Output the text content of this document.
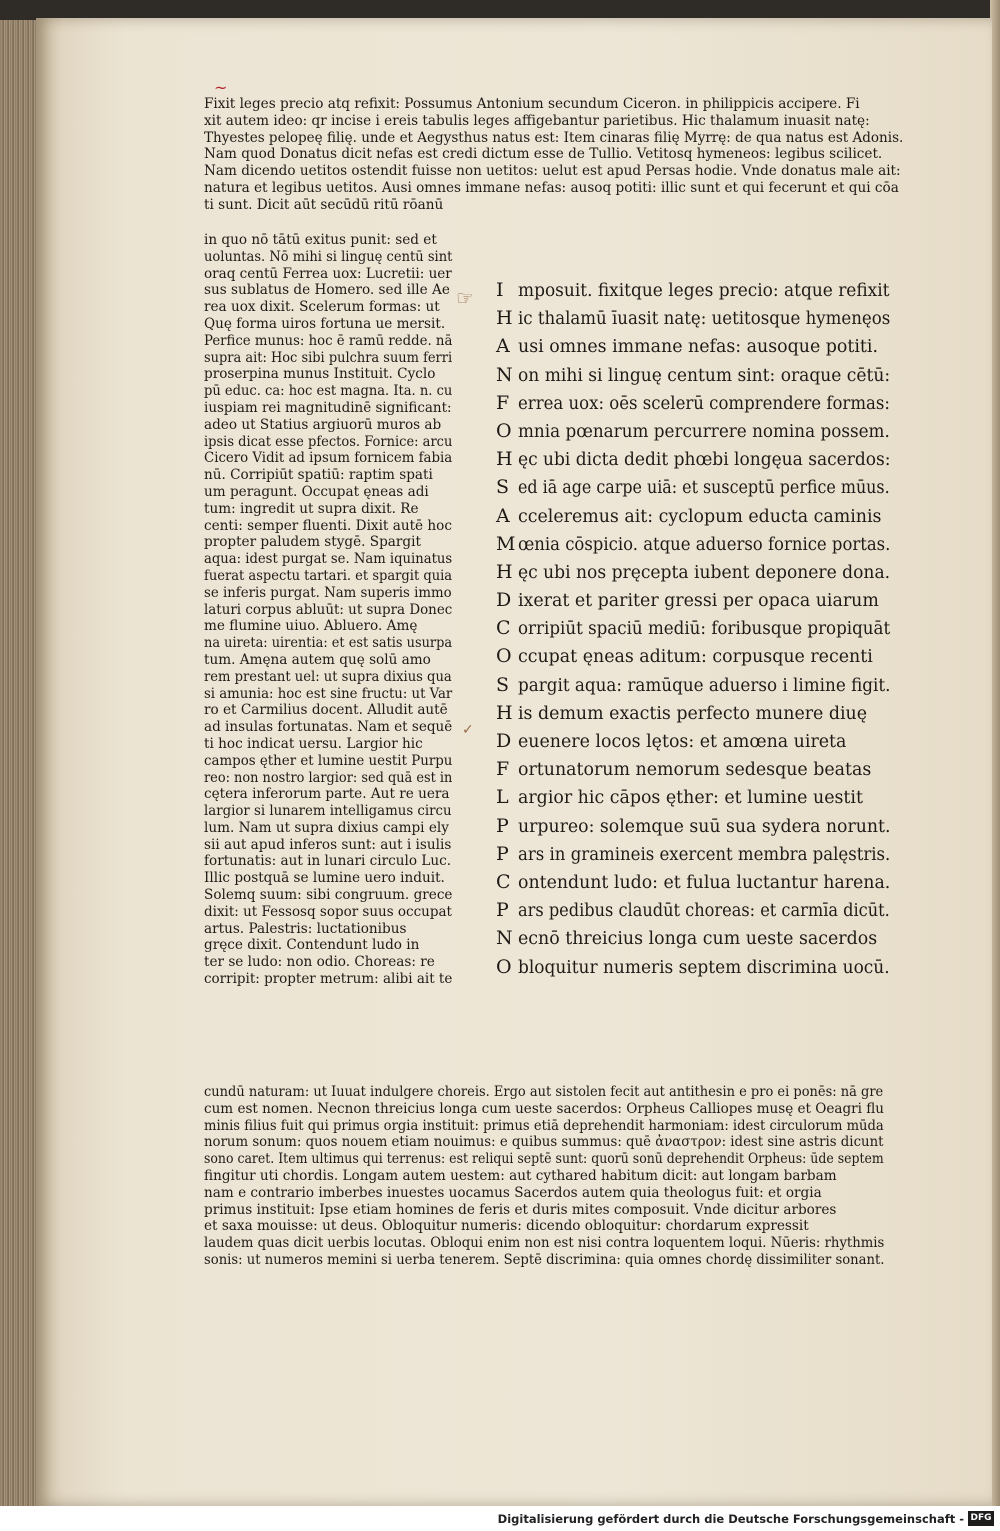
Fixit leges precio atq refixit: Possumus Antonium secundum Ciceron. in philippicis accipere. Fi

xit autem ideo: qr incise i ereis tabulis leges affigebantur parietibus. Hic thalamum inuasit natę:

Thyestes pelopeę filię. unde et Aegysthus natus est: Item cinaras filię Myrrę: de qua natus est Adonis.

Nam quod Donatus dicit nefas est credi dictum esse de Tullio. Vetitosq hymeneos: legibus scilicet.

Nam dicendo uetitos ostendit fuisse non uetitos: uelut est apud Persas hodie. Vnde donatus male ait:

natura et legibus uetitos. Ausi omnes immane nefas: ausoq potiti: illic sunt et qui fecerunt et qui cōa

ti sunt. Dicit aūt secūdū ritū rōanū

in quo nō tātū exitus punit: sed et

uoluntas. Nō mihi si linguę centū sint

oraq centū Ferrea uox: Lucretii: uer

sus sublatus de Homero. sed ille Ae

rea uox dixit. Scelerum formas: ut

Quę forma uiros fortuna ue mersit.

Perfice munus: hoc ē ramū redde. nā

supra ait: Hoc sibi pulchra suum ferri

proserpina munus Instituit. Cyclo

pū educ. ca: hoc est magna. Ita. n. cu

iuspiam rei magnitudinē significant:

adeo ut Statius argiuorū muros ab

ipsis dicat esse pfectos. Fornice: arcu

Cicero Vidit ad ipsum fornicem fabia

nū. Corripiūt spatiū: raptim spati

um peragunt. Occupat ęneas adi

tum: ingredit ut supra dixit. Re

centi: semper fluenti. Dixit autē hoc

propter paludem stygē. Spargit

aqua: idest purgat se. Nam iquinatus

fuerat aspectu tartari. et spargit quia

se inferis purgat. Nam superis immo

laturi corpus abluūt: ut supra Donec

me flumine uiuo. Abluero. Amę

na uireta: uirentia: et est satis usurpa

tum. Amęna autem quę solū amo

rem prestant uel: ut supra dixius qua

si amunia: hoc est sine fructu: ut Var

ro et Carmilius docent. Alludit autē

ad insulas fortunatas. Nam et sequē

ti hoc indicat uersu. Largior hic

campos ęther et lumine uestit Purpu

reo: non nostro largior: sed quā est in

cętera inferorum parte. Aut re uera

largior si lunarem intelligamus circu

lum. Nam ut supra dixius campi ely

sii aut apud inferos sunt: aut i isulis

fortunatis: aut in lunari circulo Luc.

Illic postquā se lumine uero induit.

Solemq suum: sibi congruum. grece

dixit: ut Fessosq sopor suus occupat

artus. Palestris: luctationibus

gręce dixit. Contendunt ludo in

ter se ludo: non odio. Choreas: re

corripit: propter metrum: alibi ait te

I mposuit. fixitque leges precio: atque refixit
H ic thalamū īuasit natę: uetitosque hymenęos
A usi omnes immane nefas: ausoque potiti.
N on mihi si linguę centum sint: oraque cētū:
F errea uox: oēs scelerū comprendere formas:
O mnia pœnarum percurrere nomina possem.
H ęc ubi dicta dedit phœbi longęua sacerdos:
S ed iā age carpe uiā: et susceptū perfice mūus.
A cceleremus ait: cyclopum educta caminis
M œnia cōspicio. atque aduerso fornice portas.
H ęc ubi nos pręcepta iubent deponere dona.
D ixerat et pariter gressi per opaca uiarum
C orripiūt spaciū mediū: foribusque propiquāt
O ccupat ęneas aditum: corpusque recenti
S pargit aqua: ramūque aduerso i limine figit.
H is demum exactis perfecto munere diuę
D euenere locos lętos: et amœna uireta
F ortunatorum nemorum sedesque beatas
L argior hic cāpos ęther: et lumine uestit
P urpureo: solemque suū sua sydera norunt.
P ars in gramineis exercent membra palęstris.
C ontendunt ludo: et fulua luctantur harena.
P ars pedibus claudūt choreas: et carmīa dicūt.
N ecnō threicius longa cum ueste sacerdos
O bloquitur numeris septem discrimina uocū.

cundū naturam: ut Iuuat indulgere choreis. Ergo aut sistolen fecit aut antithesin e pro ei ponēs: nā gre

cum est nomen. Necnon threicius longa cum ueste sacerdos: Orpheus Calliopes musę et Oeagri flu

minis filius fuit qui primus orgia instituit: primus etiā deprehendit harmoniam: idest circulorum mūda

norum sonum: quos nouem etiam nouimus: e quibus summus: quē ἀναστρον: idest sine astris dicunt

sono caret. Item ultimus qui terrenus: est reliqui septē sunt: quorū sonū deprehendit Orpheus: ūde septem

fingitur uti chordis. Longam autem uestem: aut cythared habitum dicit: aut longam barbam

nam e contrario imberbes inuestes uocamus Sacerdos autem quia theologus fuit: et orgia

primus instituit: Ipse etiam homines de feris et duris mites composuit. Vnde dicitur arbores

et saxa mouisse: ut deus. Obloquitur numeris: dicendo obloquitur: chordarum expressit

laudem quas dicit uerbis locutas. Obloqui enim non est nisi contra loquentem loqui. Nūeris: rhythmis

sonis: ut numeros memini si uerba tenerem. Septē discrimina: quia omnes chordę dissimiliter sonant.

☞
✓
~
Digitalisierung gefördert durch die Deutsche Forschungsgemeinschaft - DFG
